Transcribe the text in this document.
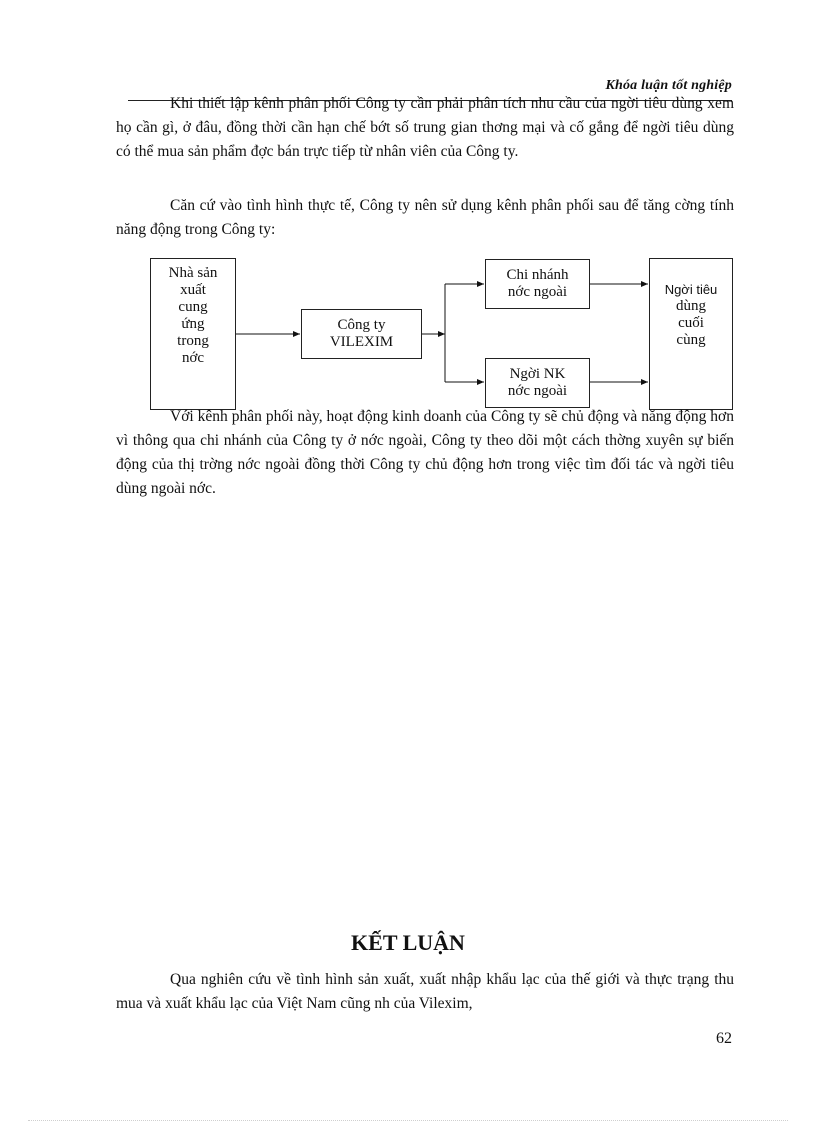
Khóa luận tốt nghiệp

Khi thiết lập kênh phân phối Công ty cần phải phân tích nhu cầu của ngời tiêu dùng xem họ cần gì, ở đâu, đồng thời cần hạn chế bớt số trung gian thơng mại và cố gắng để ngời tiêu dùng có thể mua sản phẩm đợc bán trực tiếp từ nhân viên của Công ty.

Căn cứ vào tình hình thực tế, Công ty nên sử dụng kênh phân phối sau để tăng cờng tính năng động trong Công ty:

Nhà sản
xuất
cung
ứng
trong
nớc
Công ty
VILEXIM
Chi nhánh
nớc ngoài
Ngời NK
nớc ngoài
Ngời tiêu
dùng
cuối
cùng

Với kênh phân phối này, hoạt động kinh doanh của Công ty sẽ chủ động và năng động hơn vì thông qua chi nhánh của Công ty ở nớc ngoài, Công ty theo dõi một cách thờng xuyên sự biến động của thị trờng nớc ngoài đồng thời Công ty chủ động hơn trong việc tìm đối tác và ngời tiêu dùng ngoài nớc.

KẾT LUẬN

Qua nghiên cứu về tình hình sản xuất, xuất nhập khẩu lạc của thế giới và thực trạng thu mua và xuất khẩu lạc của Việt Nam cũng nh của Vilexim,

62
